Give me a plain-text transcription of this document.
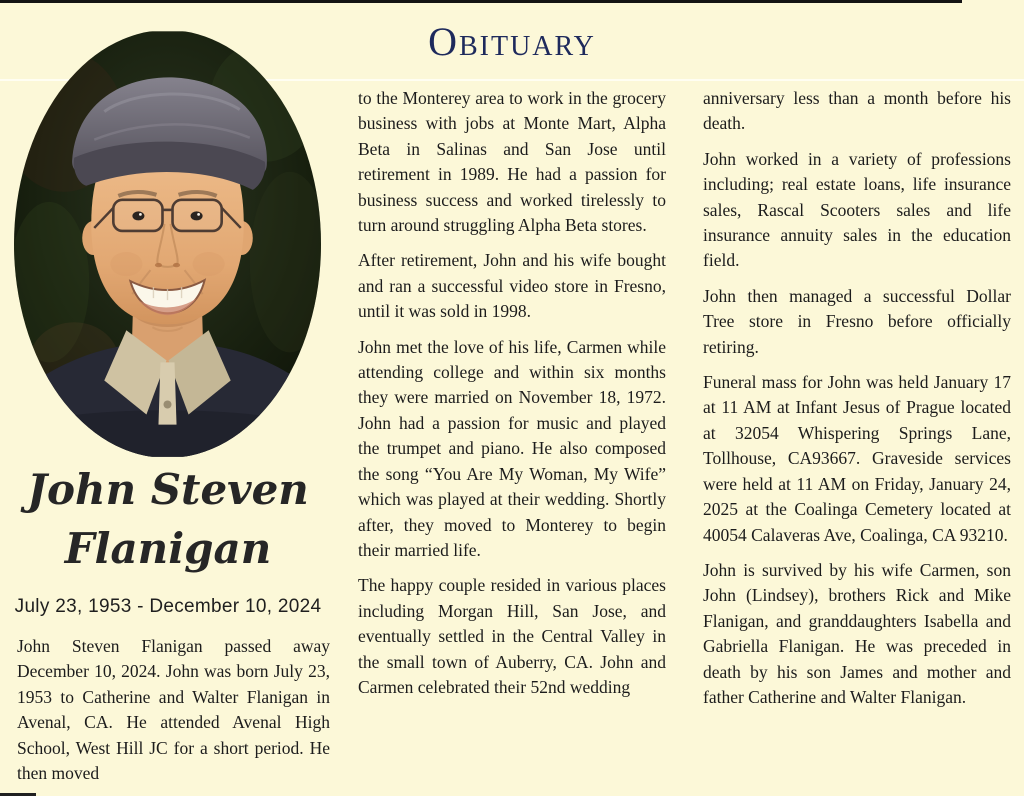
Obituary
John Steven
Flanigan
July 23, 1953 - December 10, 2024

John Steven Flanigan passed away December 10, 2024. John was born July 23, 1953 to Catherine and Walter Flanigan in Avenal, CA. He attended Avenal High School, West Hill JC for a short period. He then moved

to the Monterey area to work in the grocery business with jobs at Monte Mart, Alpha Beta in Salinas and San Jose until retirement in 1989. He had a passion for business success and worked tirelessly to turn around struggling Alpha Beta stores.

After retirement, John and his wife bought and ran a successful video store in Fresno, until it was sold in 1998.

John met the love of his life, Carmen while attending college and within six months they were married on November 18, 1972. John had a passion for music and played the trumpet and piano. He also composed the song “You Are My Woman, My Wife” which was played at their wedding. Shortly after, they moved to Monterey to begin their married life.

The happy couple resided in various places including Morgan Hill, San Jose, and eventually settled in the Central Valley in the small town of Auberry, CA. John and Carmen celebrated their 52nd wedding

anniversary less than a month before his death.

John worked in a variety of professions including; real estate loans, life insurance sales, Rascal Scooters sales and life insurance annuity sales in the education field.

John then managed a successful Dollar Tree store in Fresno before officially retiring.

Funeral mass for John was held January 17 at 11 AM at Infant Jesus of Prague located at 32054 Whispering Springs Lane, Tollhouse, CA93667. Graveside services were held at 11 AM on Friday, January 24, 2025 at the Coalinga Cemetery located at 40054 Calaveras Ave, Coalinga, CA 93210.

John is survived by his wife Carmen, son John (Lindsey), brothers Rick and Mike Flanigan, and granddaughters Isabella and Gabriella Flanigan. He was preceded in death by his son James and mother and father Catherine and Walter Flanigan.
